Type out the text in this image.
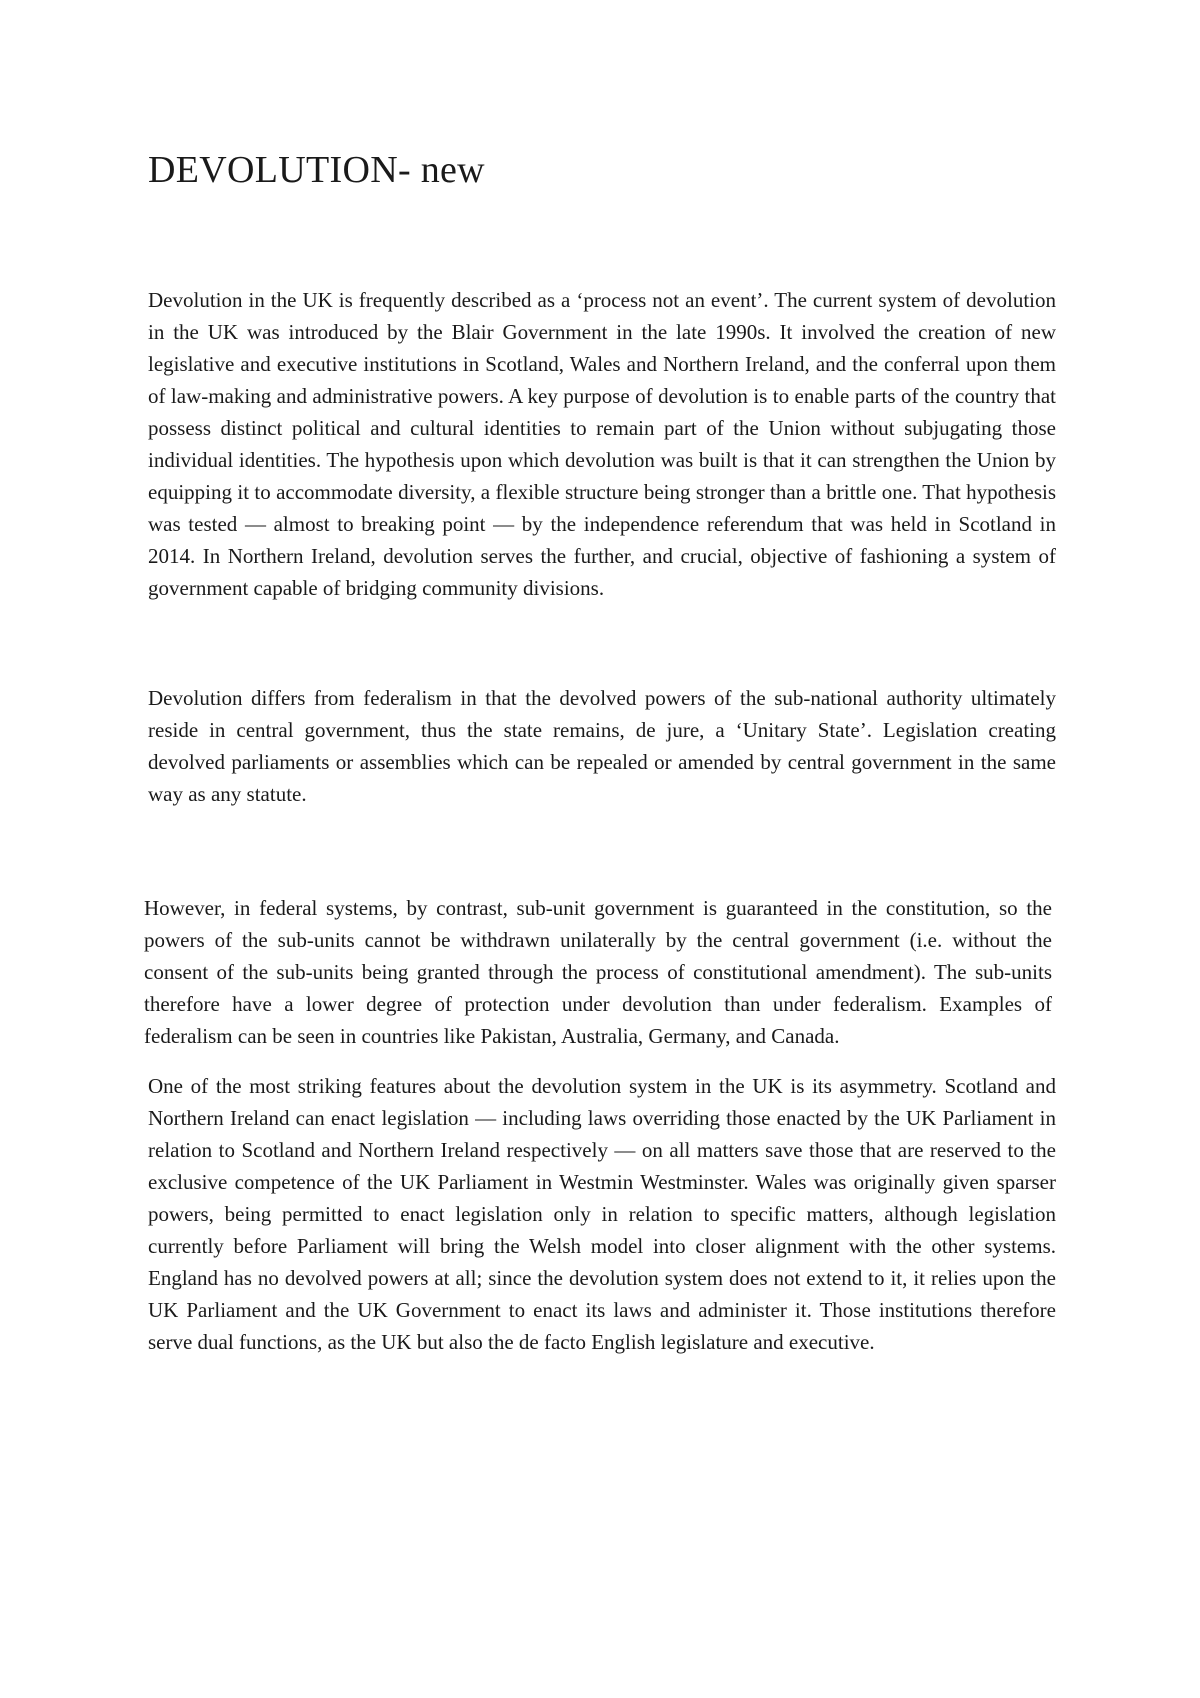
DEVOLUTION- new

Devolution in the UK is frequently described as a ‘process not an event’. The current system of devolution in the UK was introduced by the Blair Government in the late 1990s. It involved the creation of new legislative and executive institutions in Scotland, Wales and Northern Ireland, and the conferral upon them of law-making and administrative powers. A key purpose of devolution is to enable parts of the country that possess distinct political and cultural identities to remain part of the Union without subjugating those individual identities. The hypothesis upon which devolution was built is that it can strengthen the Union by equipping it to accommodate diversity, a flexible structure being stronger than a brittle one. That hypothesis was tested — almost to breaking point — by the independence referendum that was held in Scotland in 2014. In Northern Ireland, devolution serves the further, and crucial, objective of fashioning a system of government capable of bridging community divisions.

Devolution differs from federalism in that the devolved powers of the sub-national authority ultimately reside in central government, thus the state remains, de jure, a ‘Unitary State’. Legislation creating devolved parliaments or assemblies which can be repealed or amended by central government in the same way as any statute.

However, in federal systems, by contrast, sub-unit government is guaranteed in the constitution, so the powers of the sub-units cannot be withdrawn unilaterally by the central government (i.e. without the consent of the sub-units being granted through the process of constitutional amendment). The sub-units therefore have a lower degree of protection under devolution than under federalism. Examples of federalism can be seen in countries like Pakistan, Australia, Germany, and Canada.

One of the most striking features about the devolution system in the UK is its asymmetry. Scotland and Northern Ireland can enact legislation — including laws overriding those enacted by the UK Parliament in relation to Scotland and Northern Ireland respectively — on all matters save those that are reserved to the exclusive competence of the UK Parliament in Westmin Westminster. Wales was originally given sparser powers, being permitted to enact legislation only in relation to specific matters, although legislation currently before Parliament will bring the Welsh model into closer alignment with the other systems. England has no devolved powers at all; since the devolution system does not extend to it, it relies upon the UK Parliament and the UK Government to enact its laws and administer it. Those institutions therefore serve dual functions, as the UK but also the de facto English legislature and executive.
